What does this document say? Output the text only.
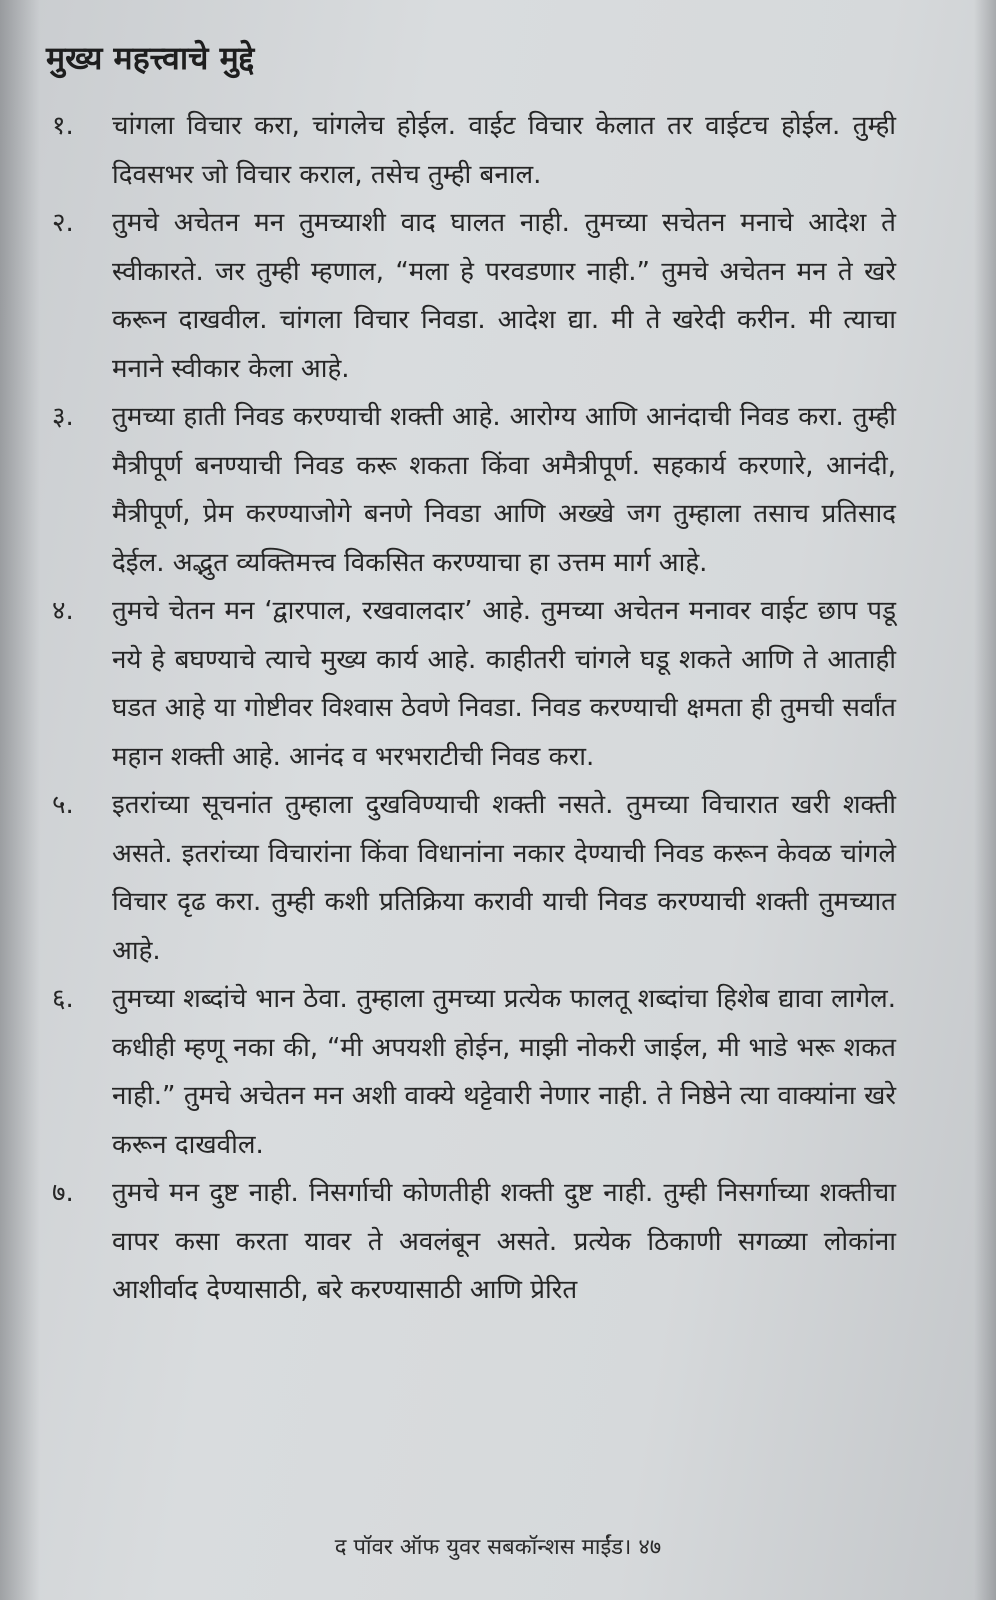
मुख्य महत्त्वाचे मुद्दे
१.	चांगला विचार करा, चांगलेच होईल. वाईट विचार केलात तर वाईटच होईल. तुम्ही दिवसभर जो विचार कराल, तसेच तुम्ही बनाल.
२.	तुमचे अचेतन मन तुमच्याशी वाद घालत नाही. तुमच्या सचेतन मनाचे आदेश ते स्वीकारते. जर तुम्ही म्हणाल, “मला हे परवडणार नाही.” तुमचे अचेतन मन ते खरे करून दाखवील. चांगला विचार निवडा. आदेश द्या. मी ते खरेदी करीन. मी त्याचा मनाने स्वीकार केला आहे.
३.	तुमच्या हाती निवड करण्याची शक्ती आहे. आरोग्य आणि आनंदाची निवड करा. तुम्ही मैत्रीपूर्ण बनण्याची निवड करू शकता किंवा अमैत्रीपूर्ण. सहकार्य करणारे, आनंदी, मैत्रीपूर्ण, प्रेम करण्याजोगे बनणे निवडा आणि अख्खे जग तुम्हाला तसाच प्रतिसाद देईल. अद्भुत व्यक्तिमत्त्व विकसित करण्याचा हा उत्तम मार्ग आहे.
४.	तुमचे चेतन मन ‘द्वारपाल, रखवालदार’ आहे. तुमच्या अचेतन मनावर वाईट छाप पडू नये हे बघण्याचे त्याचे मुख्य कार्य आहे. काहीतरी चांगले घडू शकते आणि ते आताही घडत आहे या गोष्टीवर विश्वास ठेवणे निवडा. निवड करण्याची क्षमता ही तुमची सर्वांत महान शक्ती आहे. आनंद व भरभराटीची निवड करा.
५.	इतरांच्या सूचनांत तुम्हाला दुखविण्याची शक्ती नसते. तुमच्या विचारात खरी शक्ती असते. इतरांच्या विचारांना किंवा विधानांना नकार देण्याची निवड करून केवळ चांगले विचार दृढ करा. तुम्ही कशी प्रतिक्रिया करावी याची निवड करण्याची शक्ती तुमच्यात आहे.
६.	तुमच्या शब्दांचे भान ठेवा. तुम्हाला तुमच्या प्रत्येक फालतू शब्दांचा हिशेब द्यावा लागेल. कधीही म्हणू नका की, “मी अपयशी होईन, माझी नोकरी जाईल, मी भाडे भरू शकत नाही.” तुमचे अचेतन मन अशी वाक्ये थट्टेवारी नेणार नाही. ते निष्ठेने त्या वाक्यांना खरे करून दाखवील.
७.	तुमचे मन दुष्ट नाही. निसर्गाची कोणतीही शक्ती दुष्ट नाही. तुम्ही निसर्गाच्या शक्तीचा वापर कसा करता यावर ते अवलंबून असते. प्रत्येक ठिकाणी सगळ्या लोकांना आशीर्वाद देण्यासाठी, बरे करण्यासाठी आणि प्रेरित
द पॉवर ऑफ युवर सबकॉन्शस माईंड। ४७
